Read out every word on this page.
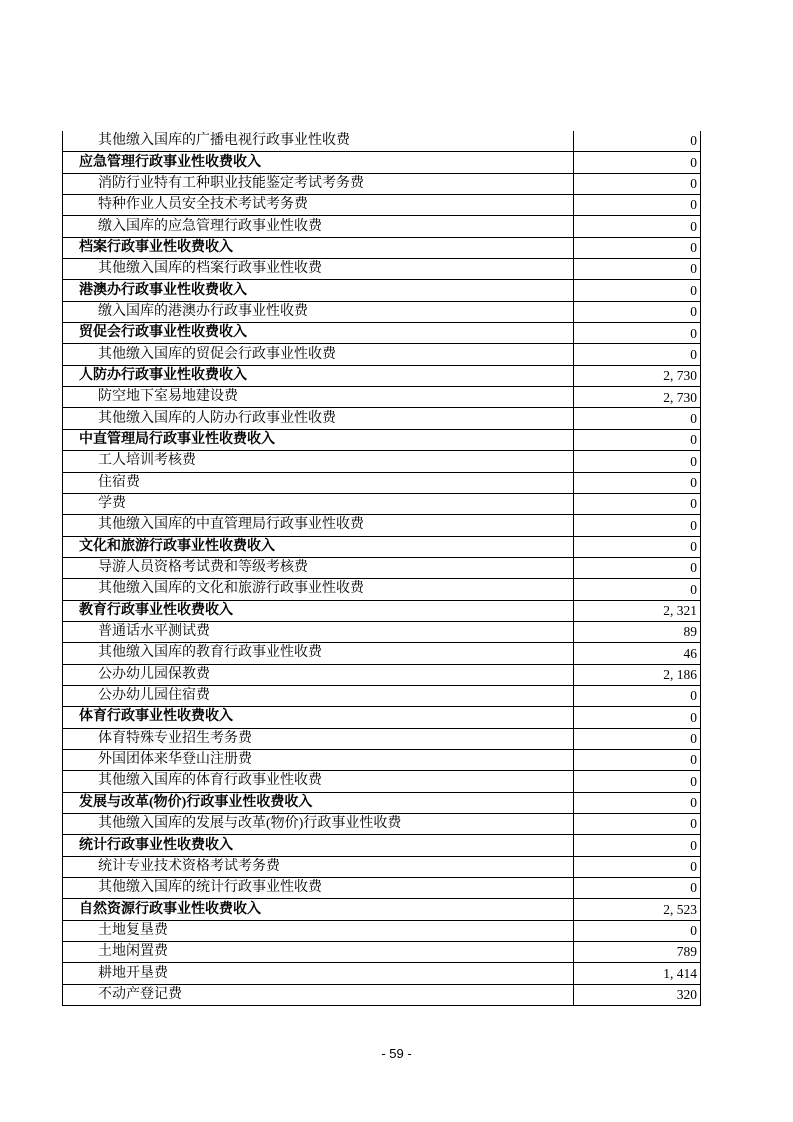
其他缴入国库的广播电视行政事业性收费	0
应急管理行政事业性收费收入	0
消防行业特有工种职业技能鉴定考试考务费	0
特种作业人员安全技术考试考务费	0
缴入国库的应急管理行政事业性收费	0
档案行政事业性收费收入	0
其他缴入国库的档案行政事业性收费	0
港澳办行政事业性收费收入	0
缴入国库的港澳办行政事业性收费	0
贸促会行政事业性收费收入	0
其他缴入国库的贸促会行政事业性收费	0
人防办行政事业性收费收入	2, 730
防空地下室易地建设费	2, 730
其他缴入国库的人防办行政事业性收费	0
中直管理局行政事业性收费收入	0
工人培训考核费	0
住宿费	0
学费	0
其他缴入国库的中直管理局行政事业性收费	0
文化和旅游行政事业性收费收入	0
导游人员资格考试费和等级考核费	0
其他缴入国库的文化和旅游行政事业性收费	0
教育行政事业性收费收入	2, 321
普通话水平测试费	89
其他缴入国库的教育行政事业性收费	46
公办幼儿园保教费	2, 186
公办幼儿园住宿费	0
体育行政事业性收费收入	0
体育特殊专业招生考务费	0
外国团体来华登山注册费	0
其他缴入国库的体育行政事业性收费	0
发展与改革(物价)行政事业性收费收入	0
其他缴入国库的发展与改革(物价)行政事业性收费	0
统计行政事业性收费收入	0
统计专业技术资格考试考务费	0
其他缴入国库的统计行政事业性收费	0
自然资源行政事业性收费收入	2, 523
土地复垦费	0
土地闲置费	789
耕地开垦费	1, 414
不动产登记费	320
- 59 -
